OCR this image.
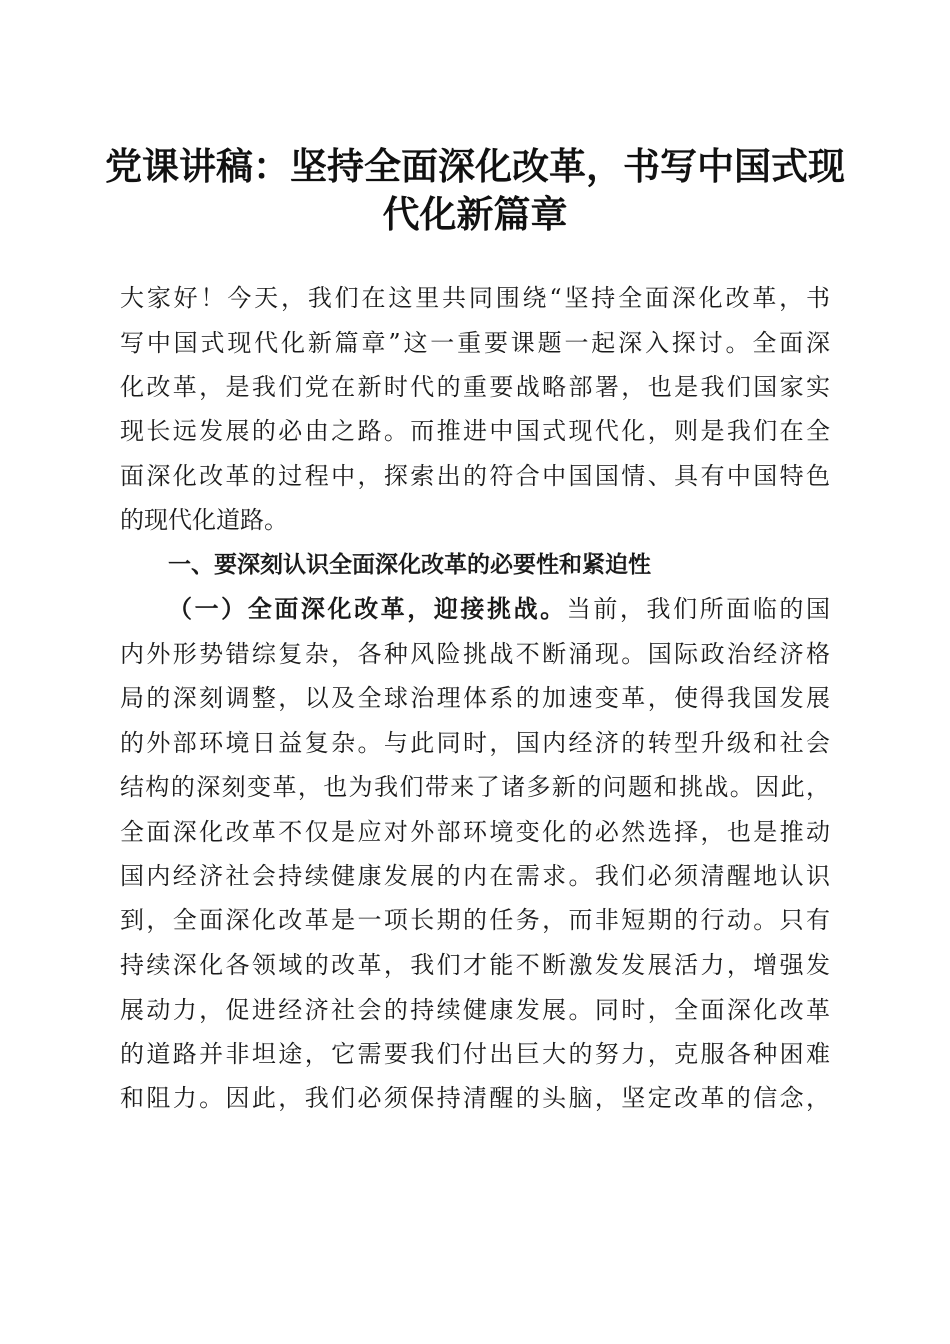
党课讲稿：坚持全面深化改革，书写中国式现
代化新篇章
大家好！今天，我们在这里共同围绕“坚持全面深化改革，书
写中国式现代化新篇章”这一重要课题一起深入探讨。全面深
化改革，是我们党在新时代的重要战略部署，也是我们国家实
现长远发展的必由之路。而推进中国式现代化，则是我们在全
面深化改革的过程中，探索出的符合中国国情、具有中国特色
的现代化道路。
一、要深刻认识全面深化改革的必要性和紧迫性
（一）全面深化改革，迎接挑战。当前，我们所面临的国
内外形势错综复杂，各种风险挑战不断涌现。国际政治经济格
局的深刻调整，以及全球治理体系的加速变革，使得我国发展
的外部环境日益复杂。与此同时，国内经济的转型升级和社会
结构的深刻变革，也为我们带来了诸多新的问题和挑战。因此，
全面深化改革不仅是应对外部环境变化的必然选择，也是推动
国内经济社会持续健康发展的内在需求。我们必须清醒地认识
到，全面深化改革是一项长期的任务，而非短期的行动。只有
持续深化各领域的改革，我们才能不断激发发展活力，增强发
展动力，促进经济社会的持续健康发展。同时，全面深化改革
的道路并非坦途，它需要我们付出巨大的努力，克服各种困难
和阻力。因此，我们必须保持清醒的头脑，坚定改革的信念，
